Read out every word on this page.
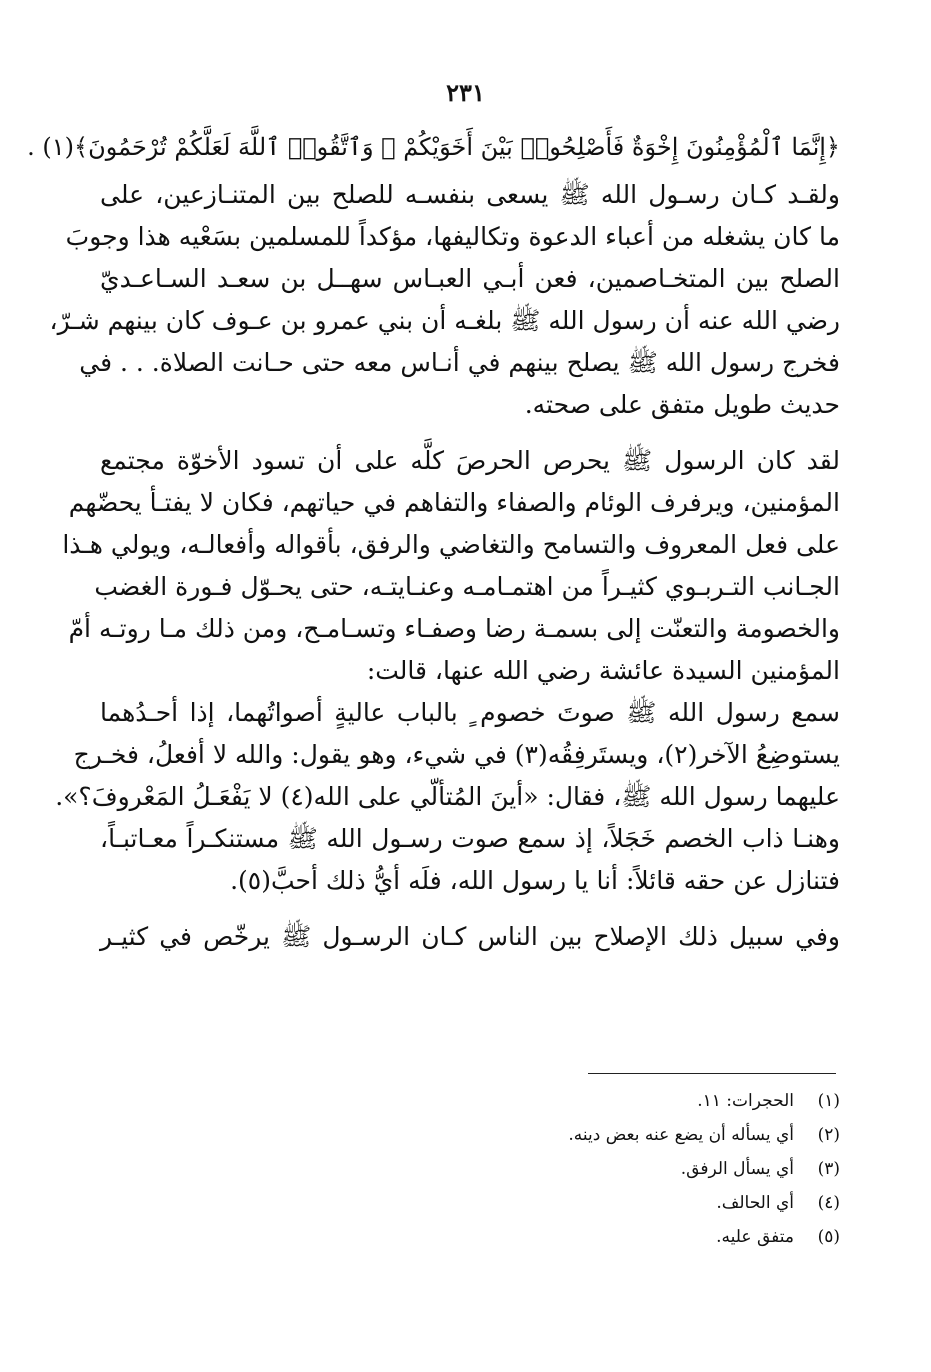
٢٣١
﴿إِنَّمَا ٱلْمُؤْمِنُونَ إِخْوَةٌ فَأَصْلِحُوا۟ بَيْنَ أَخَوَيْكُمْ ۚ وَٱتَّقُوا۟ ٱللَّهَ لَعَلَّكُمْ تُرْحَمُونَ﴾(١) .
ولقـد كـان رسـول الله ﷺ يسعى بنفسـه للصلح بين المتنـازعين، على
ما كان يشغله من أعباء الدعوة وتكاليفها، مؤكداً للمسلمين بسَعْيه هذا وجوبَ
الصلح بين المتخـاصمين، فعن أبـي العبـاس سهــل بن سعـد السـاعـديّ
رضي الله عنه أن رسول الله ﷺ بلغـه أن بني عمرو بن عـوف كان بينهم شـرّ،
فخرج رسول الله ﷺ يصلح بينهم في أنـاس معه حتى حـانت الصلاة. . . في
حديث طويل متفق على صحته.
لقد كان الرسول ﷺ يحرص الحرصَ كلَّه على أن تسود الأخوّة مجتمع
المؤمنين، ويرفرف الوئام والصفاء والتفاهم في حياتهم، فكان لا يفتـأ يحضّهم
على فعل المعروف والتسامح والتغاضي والرفق، بأقواله وأفعالـه، ويولي هـذا
الجـانب التـربـوي كثيـراً من اهتمـامـه وعنـايتـه، حتى يحـوّل فـورة الغضب
والخصومة والتعنّت إلى بسمـة رضا وصفـاء وتسـامـح، ومن ذلك مـا روتـه أمّ
المؤمنين السيدة عائشة رضي الله عنها، قالت:
سمع رسول الله ﷺ صوتَ خصوم ٍ بالباب عاليةٍ أصواتُهما، إذا أحـدُهما
يستوضِعُ الآخر(٢)، ويستَرفِقُه(٣) في شيء، وهو يقول: والله لا أفعلُ، فخـرج
عليهما رسول الله ﷺ، فقال: «أينَ المُتألّي على الله(٤) لا يَفْعَـلُ المَعْروفَ؟».
وهنـا ذاب الخصم خَجَلاً، إذ سمع صوت رسـول الله ﷺ مستنكـراً معـاتبـاً،
فتنازل عن حقه قائلاً: أنا يا رسول الله، فلَه أيُّ ذلك أحبَّ(٥).
وفي سبيل ذلك الإصلاح بين الناس كـان الرسـول ﷺ يرخّص في كثيـر
(١)الحجرات: ١١.
(٢)أي يسأله أن يضع عنه بعض دينه.
(٣)أي يسأل الرفق.
(٤)أي الحالف.
(٥)متفق عليه.
